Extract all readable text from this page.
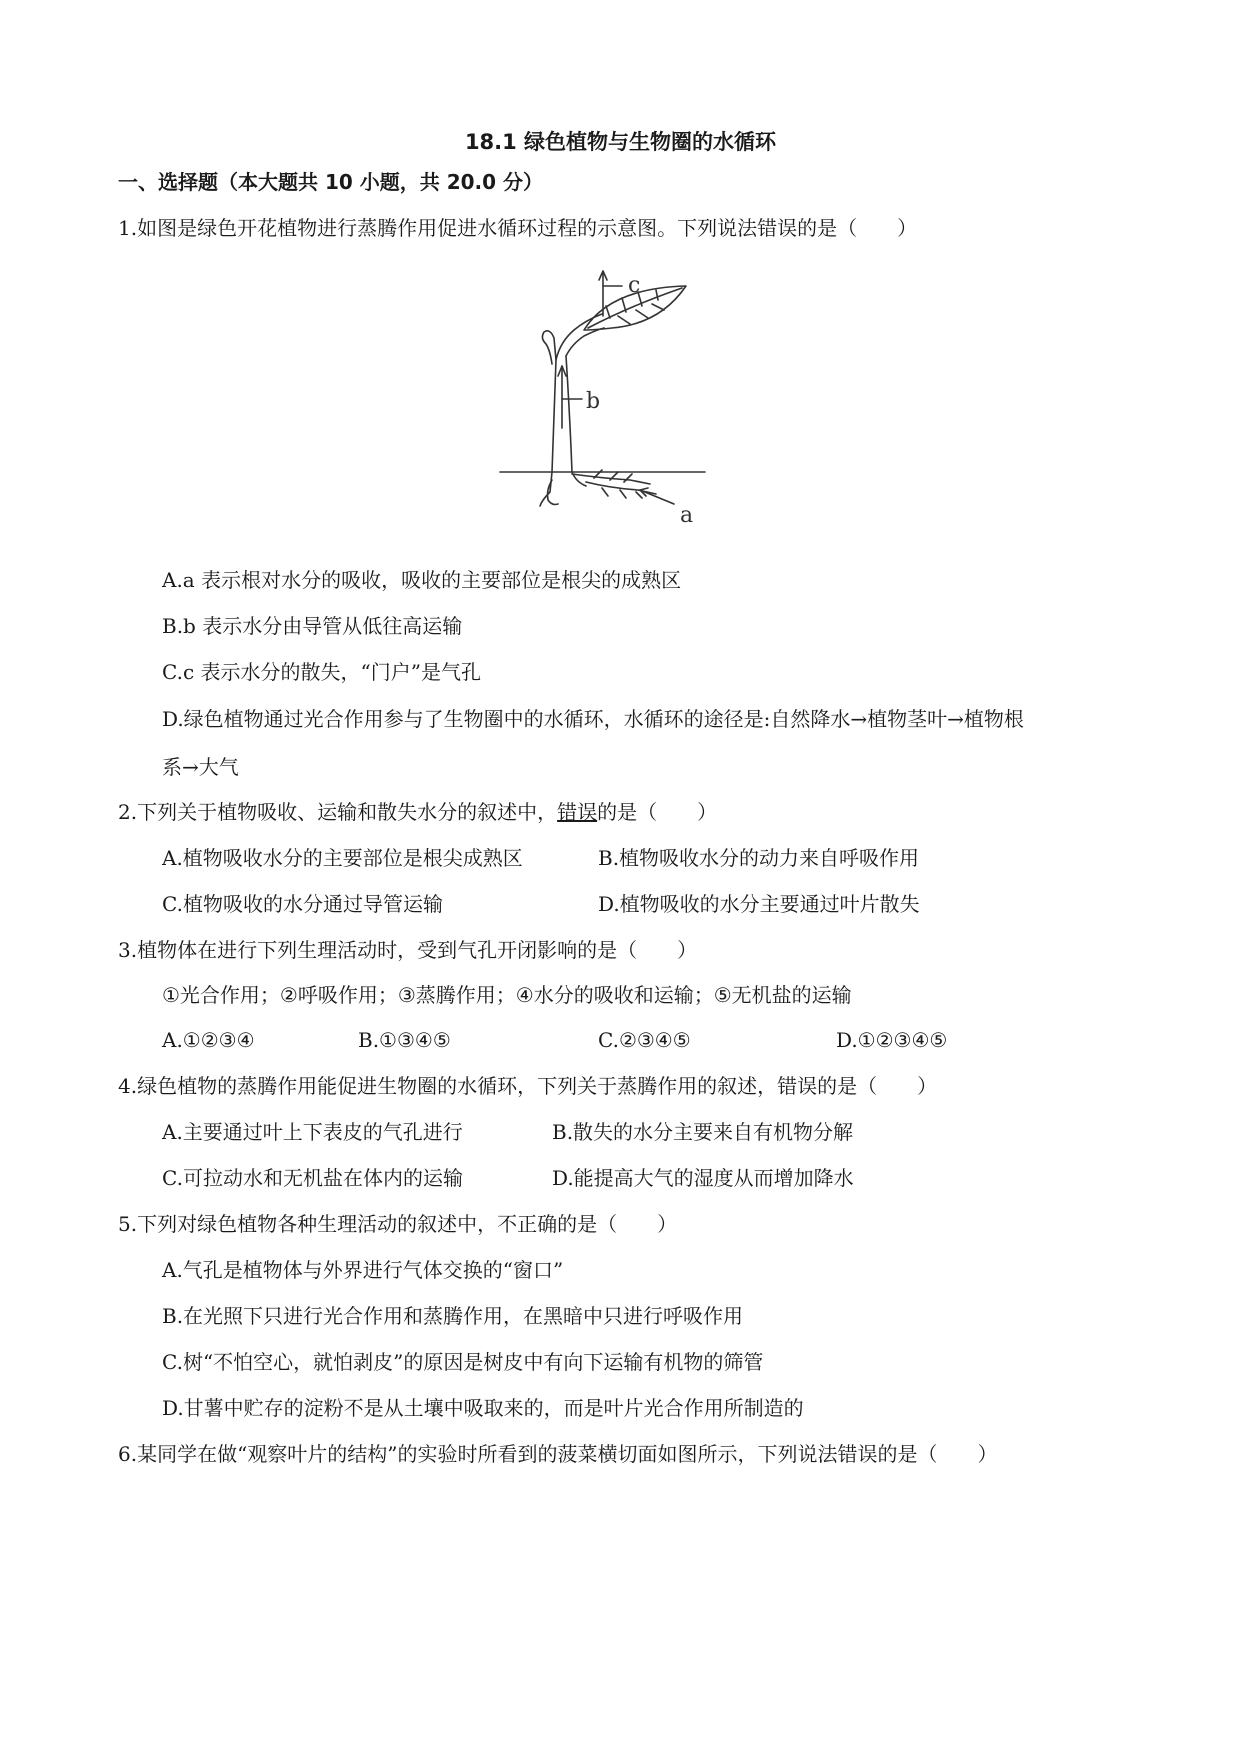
18.1 绿色植物与生物圈的水循环
一、选择题（本大题共 10 小题，共 20.0 分）
1.如图是绿色开花植物进行蒸腾作用促进水循环过程的示意图。下列说法错误的是（　　）
c
b
a
A.a 表示根对水分的吸收，吸收的主要部位是根尖的成熟区
B.b 表示水分由导管从低往高运输
C.c 表示水分的散失，“门户”是气孔
D.绿色植物通过光合作用参与了生物圈中的水循环，水循环的途径是:自然降水→植物茎叶→植物根
系→大气
2.下列关于植物吸收、运输和散失水分的叙述中，错误的是（　　）
A.植物吸收水分的主要部位是根尖成熟区	B.植物吸收水分的动力来自呼吸作用
C.植物吸收的水分通过导管运输	D.植物吸收的水分主要通过叶片散失
3.植物体在进行下列生理活动时，受到气孔开闭影响的是（　　）
①光合作用；②呼吸作用；③蒸腾作用；④水分的吸收和运输；⑤无机盐的运输
A.①②③④	B.①③④⑤	C.②③④⑤	D.①②③④⑤
4.绿色植物的蒸腾作用能促进生物圈的水循环，下列关于蒸腾作用的叙述，错误的是（　　）
A.主要通过叶上下表皮的气孔进行	B.散失的水分主要来自有机物分解
C.可拉动水和无机盐在体内的运输	D.能提高大气的湿度从而增加降水
5.下列对绿色植物各种生理活动的叙述中，不正确的是（　　）
A.气孔是植物体与外界进行气体交换的“窗口”
B.在光照下只进行光合作用和蒸腾作用，在黑暗中只进行呼吸作用
C.树“不怕空心，就怕剥皮”的原因是树皮中有向下运输有机物的筛管
D.甘薯中贮存的淀粉不是从土壤中吸取来的，而是叶片光合作用所制造的
6.某同学在做“观察叶片的结构”的实验时所看到的菠菜横切面如图所示，下列说法错误的是（　　）
